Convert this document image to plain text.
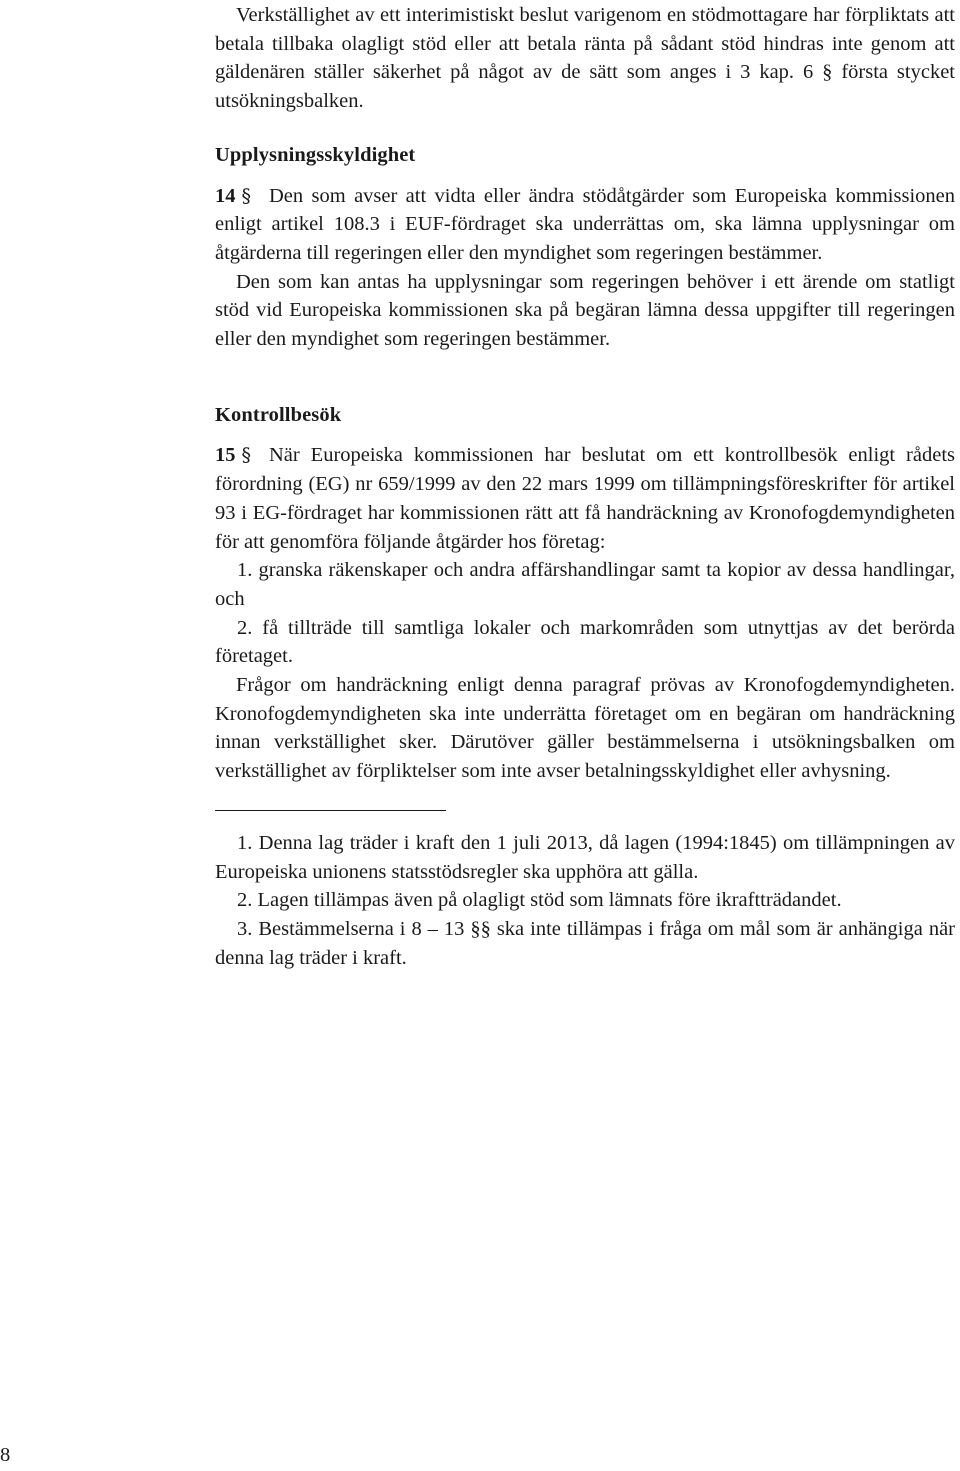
Verkställighet av ett interimistiskt beslut varigenom en stödmottagare har förpliktats att betala tillbaka olagligt stöd eller att betala ränta på sådant stöd hindras inte genom att gäldenären ställer säkerhet på något av de sätt som anges i 3 kap. 6 § första stycket utsökningsbalken.

Upplysningsskyldighet

14 § Den som avser att vidta eller ändra stödåtgärder som Europeiska kommissionen enligt artikel 108.3 i EUF-fördraget ska underrättas om, ska lämna upplysningar om åtgärderna till regeringen eller den myndighet som regeringen bestämmer.

Den som kan antas ha upplysningar som regeringen behöver i ett ärende om statligt stöd vid Europeiska kommissionen ska på begäran lämna dessa uppgifter till regeringen eller den myndighet som regeringen bestämmer.

Kontrollbesök

15 § När Europeiska kommissionen har beslutat om ett kontrollbesök enligt rådets förordning (EG) nr 659/1999 av den 22 mars 1999 om tillämpningsföreskrifter för artikel 93 i EG-fördraget har kommissionen rätt att få handräckning av Kronofogdemyndigheten för att genomföra följande åtgärder hos företag:

1. granska räkenskaper och andra affärshandlingar samt ta kopior av dessa handlingar, och

2. få tillträde till samtliga lokaler och markområden som utnyttjas av det berörda företaget.

Frågor om handräckning enligt denna paragraf prövas av Kronofogdemyndigheten. Kronofogdemyndigheten ska inte underrätta företaget om en begäran om handräckning innan verkställighet sker. Därutöver gäller bestämmelserna i utsökningsbalken om verkställighet av förpliktelser som inte avser betalningsskyldighet eller avhysning.

1. Denna lag träder i kraft den 1 juli 2013, då lagen (1994:1845) om tillämpningen av Europeiska unionens statsstödsregler ska upphöra att gälla.

2. Lagen tillämpas även på olagligt stöd som lämnats före ikraftträdandet.

3. Bestämmelserna i 8 – 13 §§ ska inte tillämpas i fråga om mål som är anhängiga när denna lag träder i kraft.

8
